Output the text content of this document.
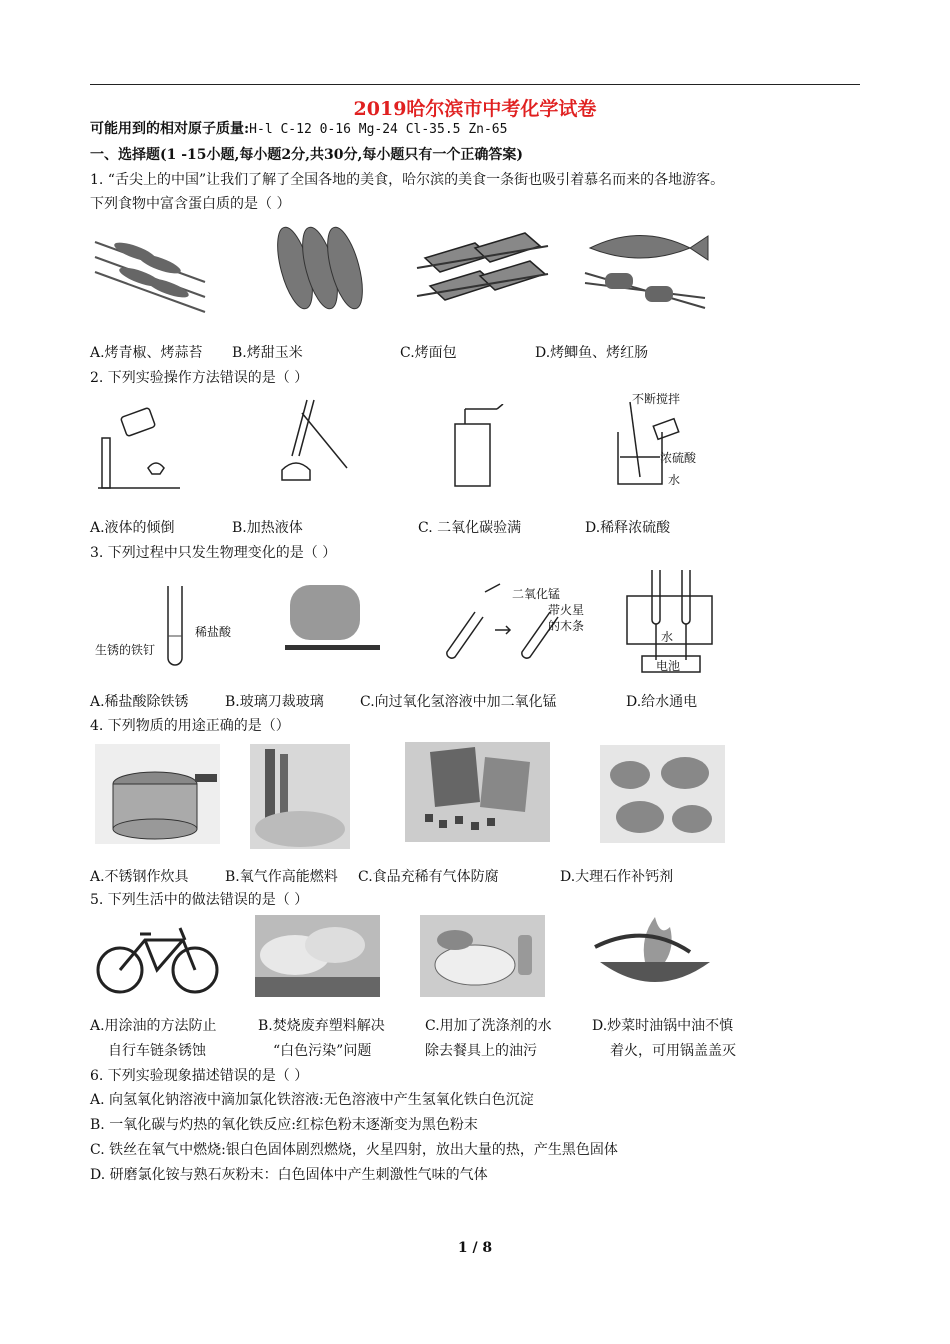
2019哈尔滨市中考化学试卷
可能用到的相对原子质量:H-l C-12 0-16 Mg-24 Cl-35.5 Zn-65
一、选择题(1 -15小题,每小题2分,共30分,每小题只有一个正确答案)
1. “舌尖上的中国”让我们了解了全国各地的美食，哈尔滨的美食一条街也吸引着慕名而来的各地游客。
下列食物中富含蛋白质的是（ ）
A.烤青椒、烤蒜苔 B.烤甜玉米	C.烤面包	D.烤鲫鱼、烤红肠
2. 下列实验操作方法错误的是（ ）
不断搅拌
浓硫酸
水
A.液体的倾倒	B.加热液体	C. 二氧化碳验满	D.稀释浓硫酸
3. 下列过程中只发生物理变化的是（ ）
稀盐酸
生锈的铁钉
二氧化锰
带火星
的木条
水
电池
A.稀盐酸除铁锈	B.玻璃刀裁玻璃	C.向过氧化氢溶液中加二氧化锰	D.给水通电
4. 下列物质的用途正确的是（）
A.不锈钢作炊具	B.氧气作高能燃料 C.食品充稀有气体防腐	D.大理石作补钙剂
5. 下列生活中的做法错误的是（ ）
A.用涂油的方法防止
自行车链条锈蚀
B.焚烧废弃塑料解决
“白色污染”问题
C.用加了洗涤剂的水
除去餐具上的油污
D.炒菜时油锅中油不慎
着火，可用锅盖盖灭
6. 下列实验现象描述错误的是（ ）
A. 向氢氧化钠溶液中滴加氯化铁溶液:无色溶液中产生氢氧化铁白色沉淀
B. 一氧化碳与灼热的氧化铁反应:红棕色粉末逐渐变为黑色粉末
C. 铁丝在氧气中燃烧:银白色固体剧烈燃烧，火星四射，放出大量的热，产生黑色固体
D. 研磨氯化铵与熟石灰粉末：白色固体中产生刺激性气味的气体
1 / 8
